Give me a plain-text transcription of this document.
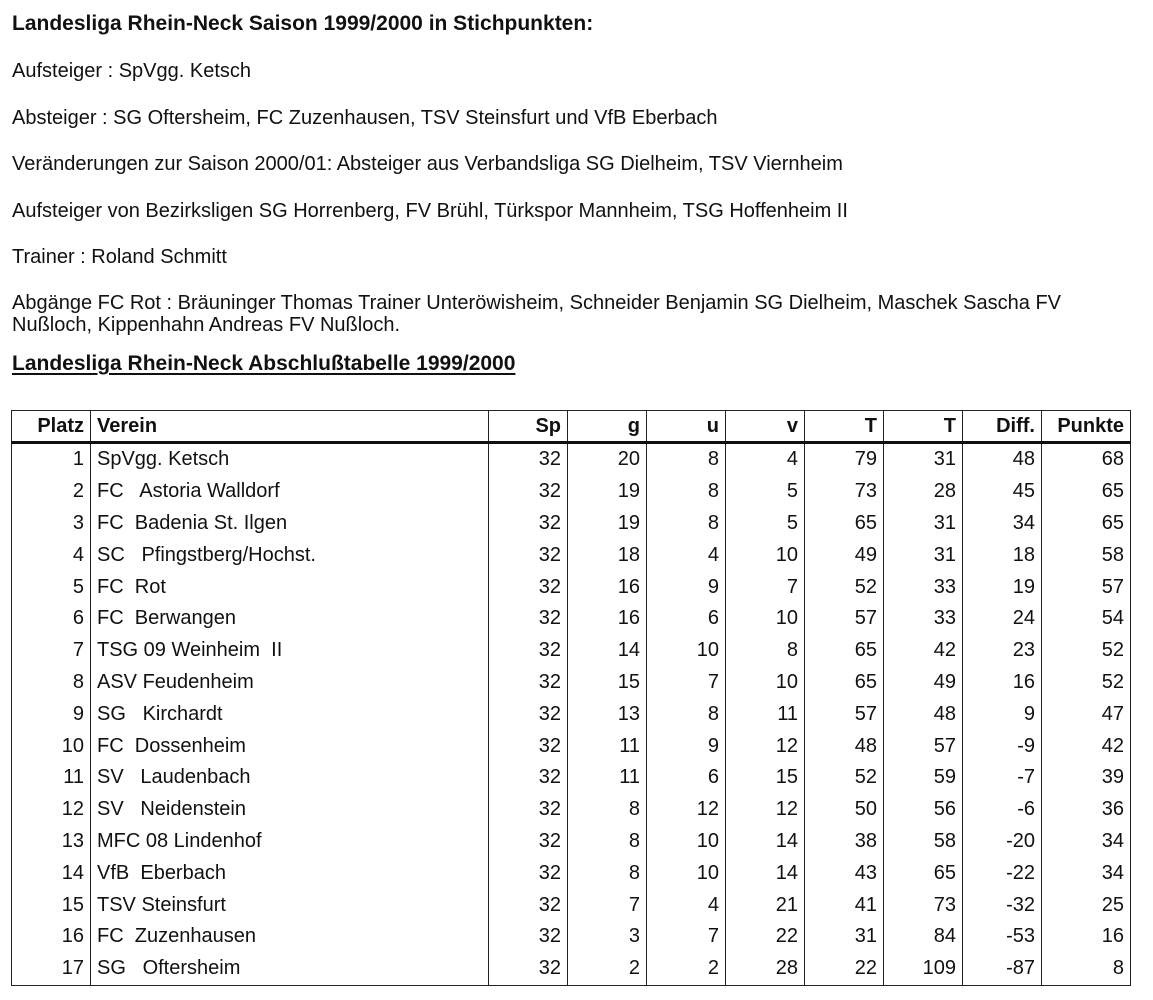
Landesliga Rhein-Neck Saison 1999/2000 in Stichpunkten:
Aufsteiger : SpVgg. Ketsch
Absteiger : SG Oftersheim, FC Zuzenhausen, TSV Steinsfurt und VfB Eberbach
Veränderungen zur Saison 2000/01: Absteiger aus Verbandsliga SG Dielheim, TSV Viernheim
Aufsteiger von Bezirksligen SG Horrenberg, FV Brühl, Türkspor Mannheim, TSG Hoffenheim II
Trainer : Roland Schmitt
Abgänge FC Rot : Bräuninger Thomas Trainer Unteröwisheim, Schneider Benjamin SG Dielheim, Maschek Sascha FV Nußloch, Kippenhahn Andreas FV Nußloch.
Landesliga Rhein-Neck Abschlußtabelle 1999/2000
Platz	Verein	Sp	g	u	v	T	T	Diff.	Punkte
1	SpVgg. Ketsch	32	20	8	4	79	31	48	68
2	FC   Astoria Walldorf	32	19	8	5	73	28	45	65
3	FC  Badenia St. Ilgen	32	19	8	5	65	31	34	65
4	SC   Pfingstberg/Hochst.	32	18	4	10	49	31	18	58
5	FC  Rot	32	16	9	7	52	33	19	57
6	FC  Berwangen	32	16	6	10	57	33	24	54
7	TSG 09 Weinheim  II	32	14	10	8	65	42	23	52
8	ASV Feudenheim	32	15	7	10	65	49	16	52
9	SG   Kirchardt	32	13	8	11	57	48	9	47
10	FC  Dossenheim	32	11	9	12	48	57	-9	42
11	SV   Laudenbach	32	11	6	15	52	59	-7	39
12	SV   Neidenstein	32	8	12	12	50	56	-6	36
13	MFC 08 Lindenhof	32	8	10	14	38	58	-20	34
14	VfB  Eberbach	32	8	10	14	43	65	-22	34
15	TSV Steinsfurt	32	7	4	21	41	73	-32	25
16	FC  Zuzenhausen	32	3	7	22	31	84	-53	16
17	SG   Oftersheim	32	2	2	28	22	109	-87	8
